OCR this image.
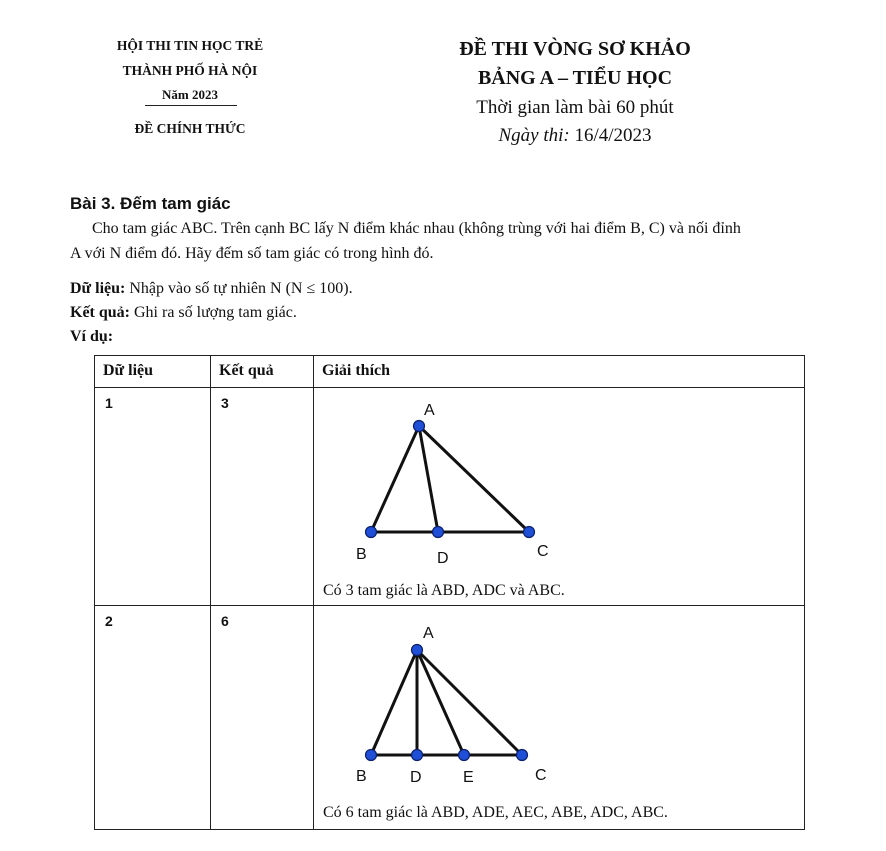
HỘI THI TIN HỌC TRẺ
THÀNH PHỐ HÀ NỘI
Năm 2023
ĐỀ CHÍNH THỨC
ĐỀ THI VÒNG SƠ KHẢO
BẢNG A – TIỂU HỌC
Thời gian làm bài 60 phút
Ngày thi: 16/4/2023
Bài 3. Đếm tam giác
Cho tam giác ABC. Trên cạnh BC lấy N điểm khác nhau (không trùng với hai điểm B, C) và nối đỉnh
A với N điểm đó. Hãy đếm số tam giác có trong hình đó.
Dữ liệu: Nhập vào số tự nhiên N (N ≤ 100).
Kết quả: Ghi ra số lượng tam giác.
Ví dụ:
Dữ liệu	Kết quả	Giải thích
1	3	Có 3 tam giác là ABD, ADC và ABC.

2	6	Có 6 tam giác là ABD, ADE, AEC, ABE, ADC, ABC.
A
B	D	C
A
B	D	E	C
